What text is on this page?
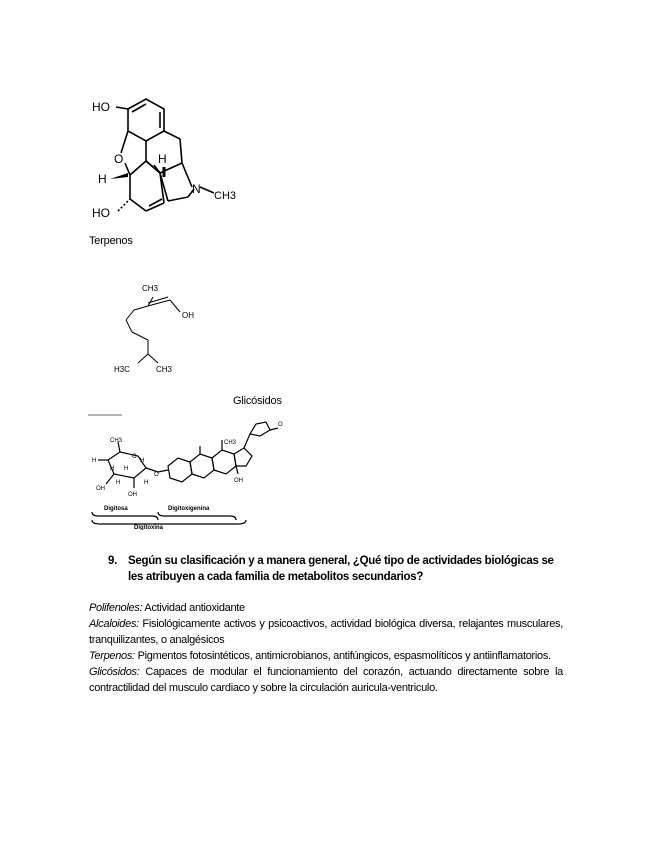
HO
O
H
H
N CH3
HO
Terpenos
CH3
OH
H3C	CH3
Glicósidos
CH3
H
H H
H
H	H
OH
OH
O
O
CH3
OH
O
Digitosa	Digitoxigenina
Digitoxina
9. Según su clasificación y a manera general, ¿Qué tipo de actividades biológicas se les atribuyen a cada familia de metabolitos secundarios?

Polifenoles: Actividad antioxidante

Alcaloides: Fisiológicamente activos y psicoactivos, actividad biológica diversa, relajantes musculares, tranquilizantes, o analgésicos

Terpenos: Pigmentos fotosintéticos, antimicrobianos, antifúngicos, espasmolíticos y antiinflamatorios.

Glicósidos: Capaces de modular el funcionamiento del corazón, actuando directamente sobre la contractilidad del musculo cardiaco y sobre la circulación auricula-ventriculo.
